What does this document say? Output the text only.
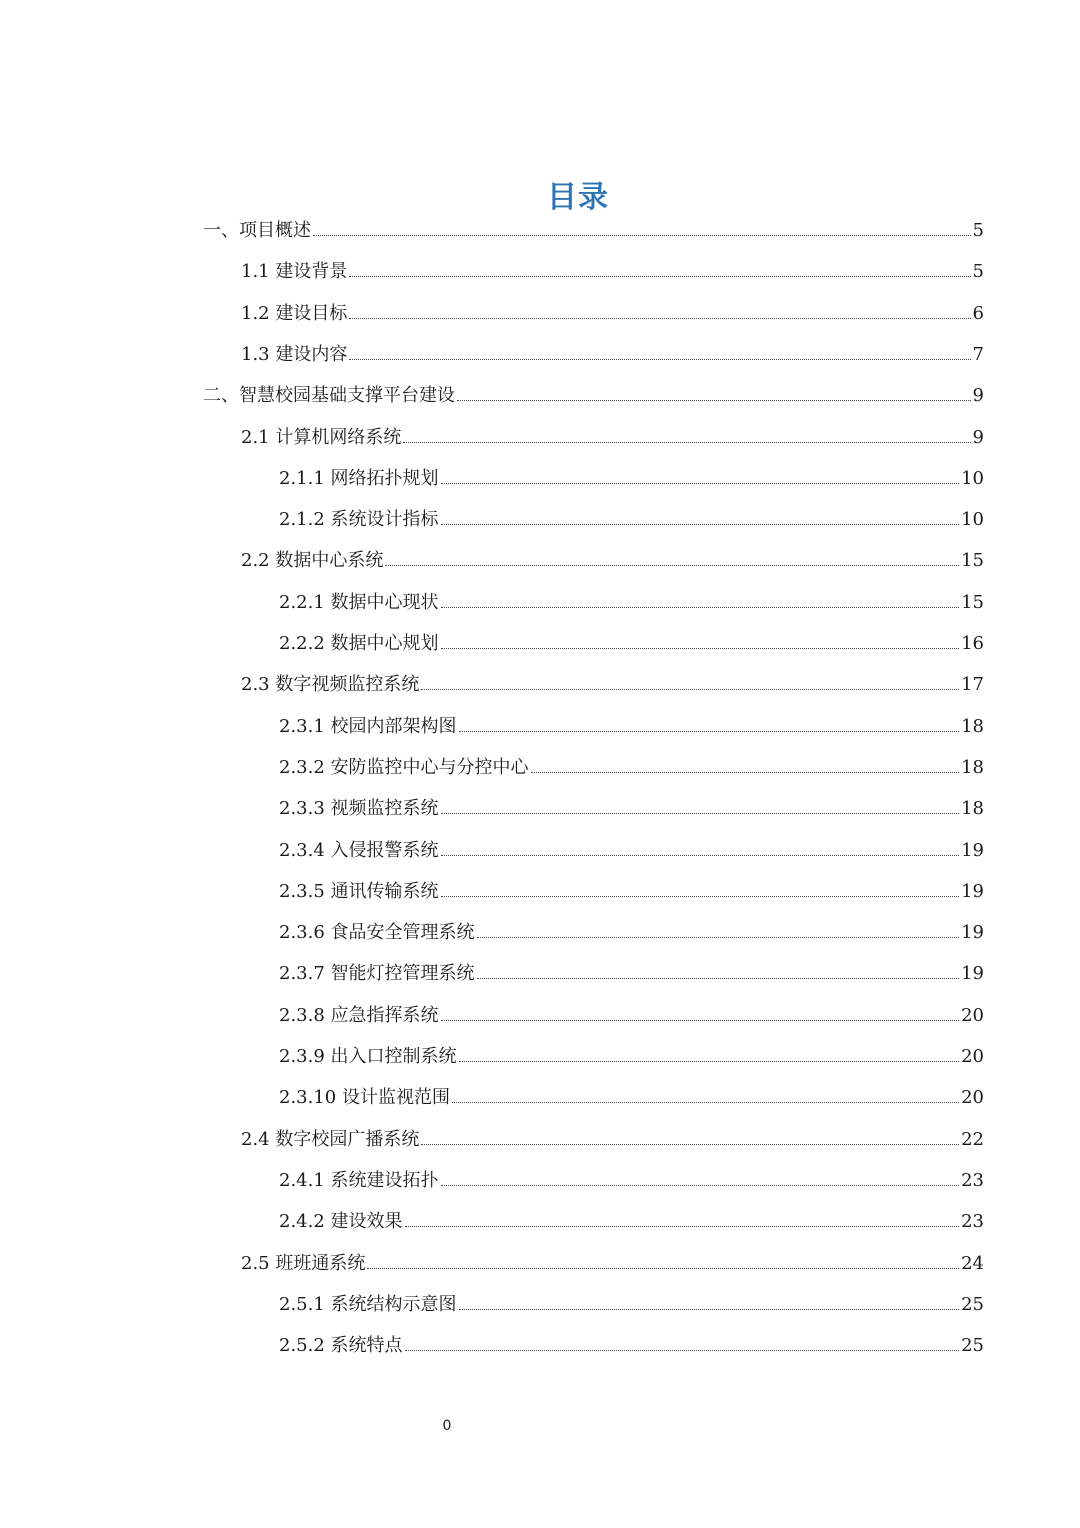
目录
一、项目概述	5
1.1 建设背景	5
1.2 建设目标	6
1.3 建设内容	7
二、智慧校园基础支撑平台建设	9
2.1 计算机网络系统	9
2.1.1 网络拓扑规划	10
2.1.2 系统设计指标	10
2.2 数据中心系统	15
2.2.1 数据中心现状	15
2.2.2 数据中心规划	16
2.3 数字视频监控系统	17
2.3.1 校园内部架构图	18
2.3.2 安防监控中心与分控中心	18
2.3.3 视频监控系统	18
2.3.4 入侵报警系统	19
2.3.5 通讯传输系统	19
2.3.6 食品安全管理系统	19
2.3.7 智能灯控管理系统	19
2.3.8 应急指挥系统	20
2.3.9 出入口控制系统	20
2.3.10 设计监视范围	20
2.4 数字校园广播系统	22
2.4.1 系统建设拓扑	23
2.4.2 建设效果	23
2.5 班班通系统	24
2.5.1 系统结构示意图	25
2.5.2 系统特点	25
0
